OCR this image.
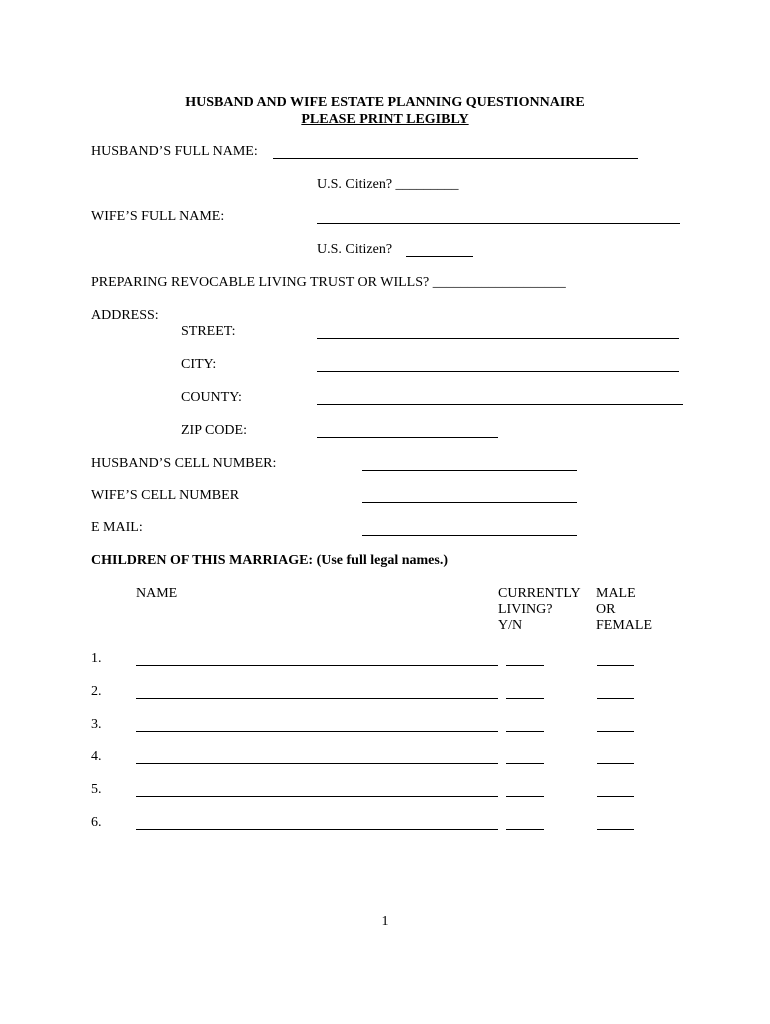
HUSBAND AND WIFE ESTATE PLANNING QUESTIONNAIRE
PLEASE PRINT LEGIBLY
HUSBAND’S FULL NAME:
U.S. Citizen? _________
WIFE’S FULL NAME:
U.S. Citizen?
PREPARING REVOCABLE LIVING TRUST OR WILLS? ___________________
ADDRESS:
STREET:
CITY:
COUNTY:
ZIP CODE:
HUSBAND’S CELL NUMBER:
WIFE’S CELL NUMBER
E MAIL:
CHILDREN OF THIS MARRIAGE: (Use full legal names.)
NAME	CURRENTLY
LIVING?
Y/N
MALE
OR
FEMALE
1.
2.
3.
4.
5.
6.
1
